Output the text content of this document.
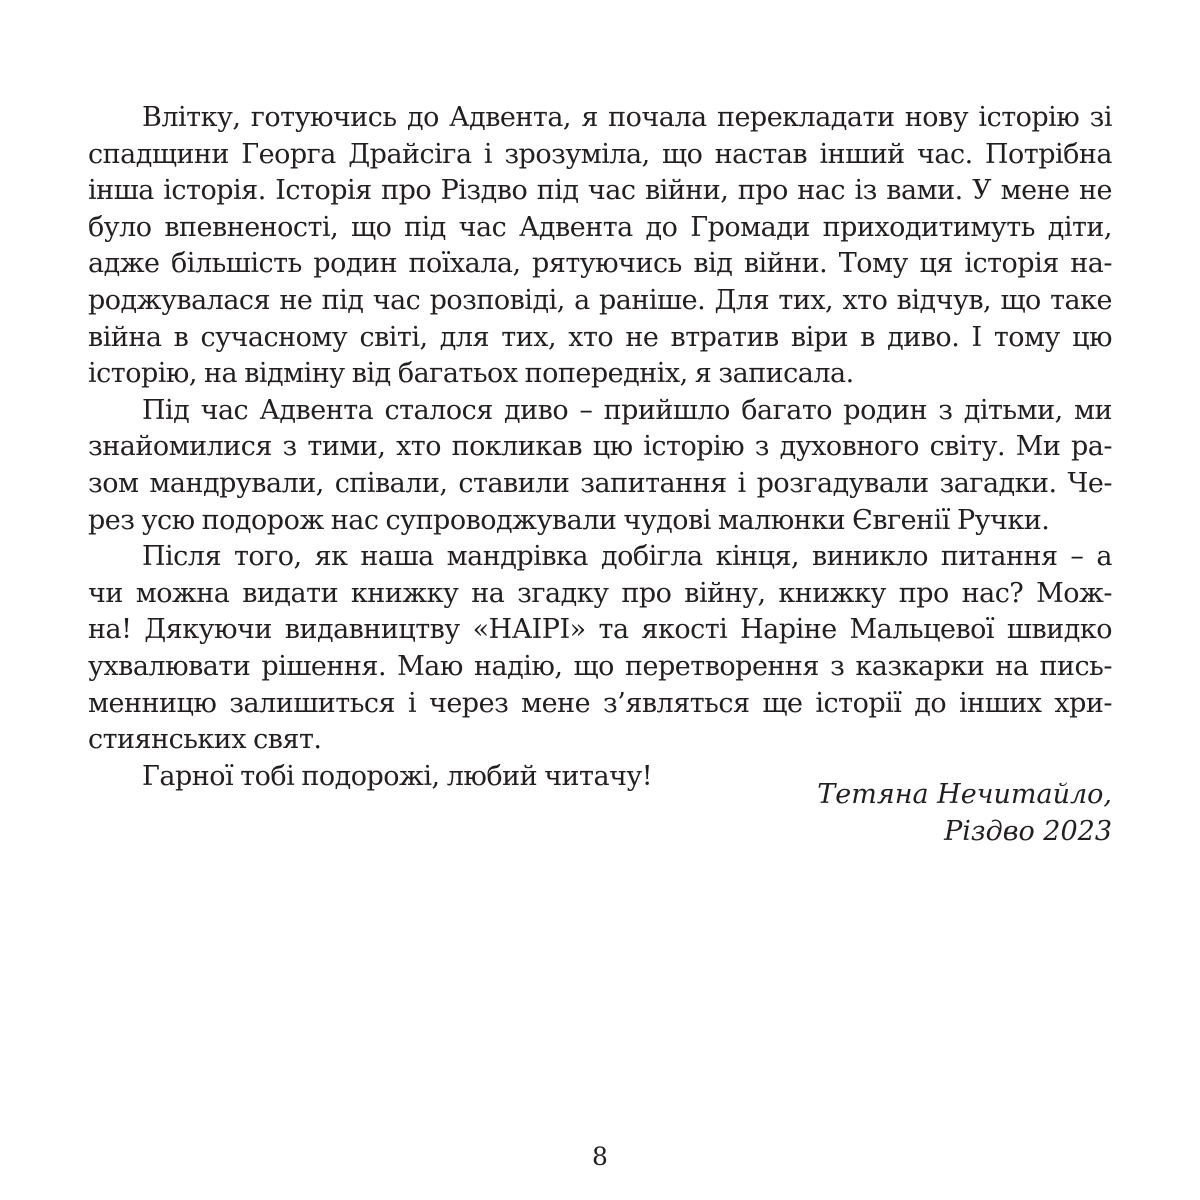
Влітку, готуючись до Адвента, я почала перекладати нову історію зі
спадщини Георга Драйсіга і зрозуміла, що настав інший час. Потрібна
інша історія. Історія про Різдво під час війни, про нас із вами. У мене не
було впевненості, що під час Адвента до Громади приходитимуть діти,
адже більшість родин поїхала, рятуючись від війни. Тому ця історія на-
роджувалася не під час розповіді, а раніше. Для тих, хто відчув, що таке
війна в сучасному світі, для тих, хто не втратив віри в диво. І тому цю
історію, на відміну від багатьох попередніх, я записала.
Під час Адвента сталося диво – прийшло багато родин з дітьми, ми
знайомилися з тими, хто покликав цю історію з духовного світу. Ми ра-
зом мандрували, співали, ставили запитання і розгадували загадки. Че-
рез усю подорож нас супроводжували чудові малюнки Євгенії Ручки.
Після того, як наша мандрівка добігла кінця, виникло питання – а
чи можна видати книжку на згадку про війну, книжку про нас? Мож-
на! Дякуючи видавництву «НАІРІ» та якості Наріне Мальцевої швидко
ухвалювати рішення. Маю надію, що перетворення з казкарки на пись-
менницю залишиться і через мене з’являться ще історії до інших хри-
стиянських свят.
Гарної тобі подорожі, любий читачу!
Тетяна Нечитайло,
Різдво 2023
8
